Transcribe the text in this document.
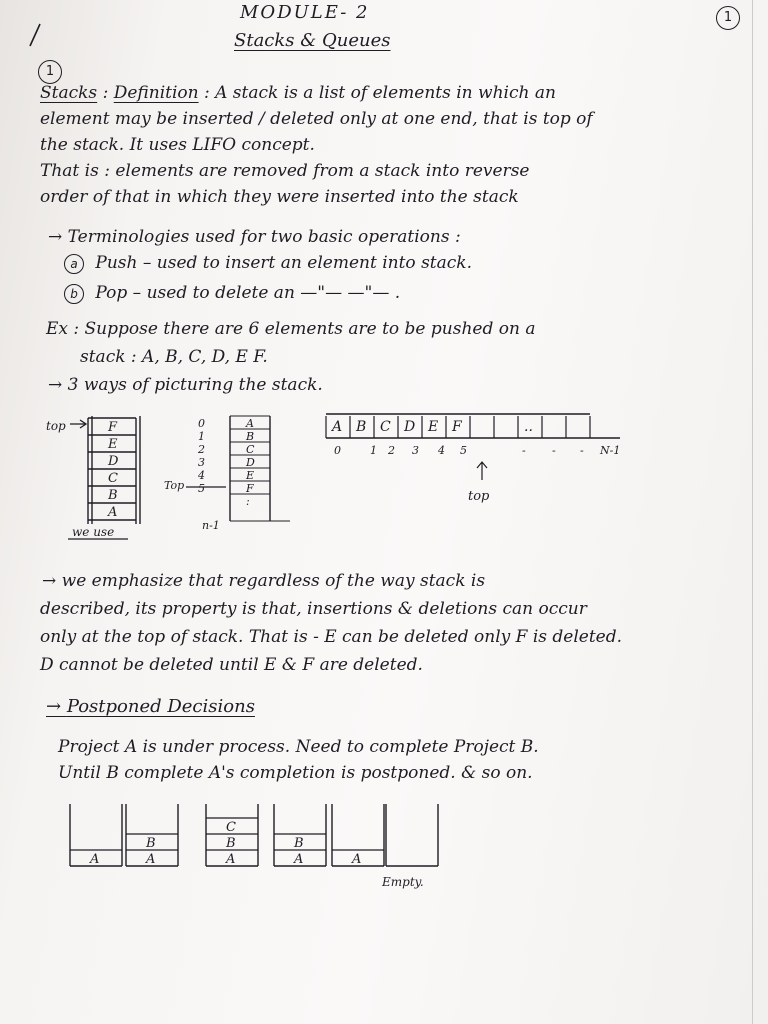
MODULE- 2
Stacks & Queues
1
1
Stacks : Definition : A stack is a list of elements in which an
element may be inserted / deleted only at one end, that is top of
the stack. It uses LIFO concept.
That is : elements are removed from a stack into reverse
order of that in which they were inserted into the stack
→ Terminologies used for two basic operations :
a Push – used to insert an element into stack.
b Pop – used to delete an —"— —"— .
Ex : Suppose there are 6 elements are to be pushed on a
stack : A, B, C, D, E F.
→ 3 ways of picturing the stack.
F
E
D
C
B
A
top
we use
A
B
C
D
E
F
:
0
1
2
3
4
5
n-1
Top
A B C D E F	..
0	1 2 3 4 5	- - - N-1
top
A	A
B
A
B
C
A
B
A
Empty.
→ we emphasize that regardless of the way stack is
described, its property is that, insertions & deletions can occur
only at the top of stack. That is - E can be deleted only F is deleted.
D cannot be deleted until E & F are deleted.
→ Postponed Decisions
Project A is under process. Need to complete Project B.
Until B complete A's completion is postponed. & so on.
